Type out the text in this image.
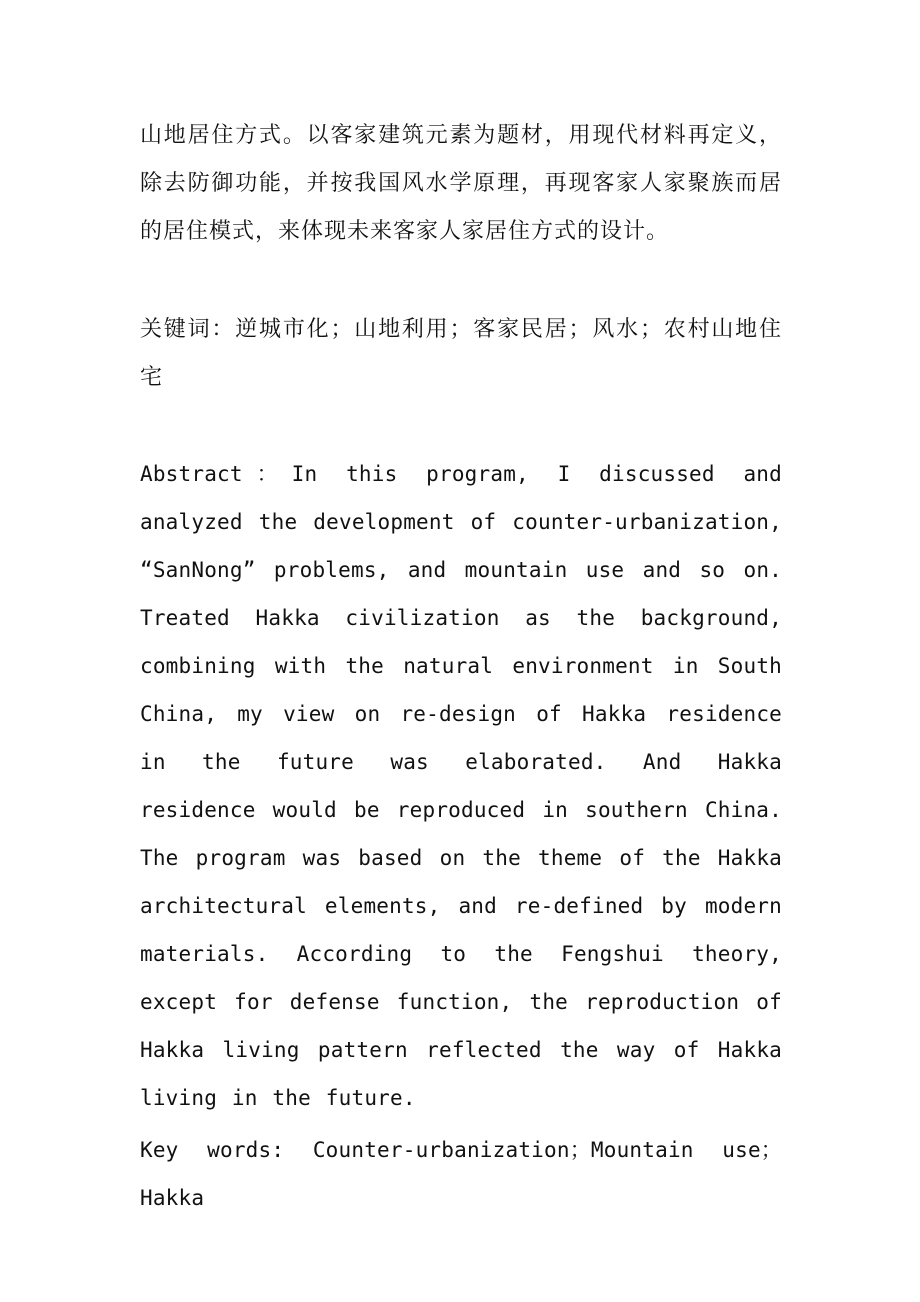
山地居住方式。以客家建筑元素为题材，用现代材料再定义，除去防御功能，并按我国风水学原理，再现客家人家聚族而居的居住模式，来体现未来客家人家居住方式的设计。

关键词：逆城市化；山地利用；客家民居；风水；农村山地住宅

Abstract：In this program, I discussed and analyzed the development of counter-urbanization, “SanNong” problems, and mountain use and so on. Treated Hakka civilization as the background, combining with the natural environment in South China, my view on re-design of Hakka residence in the future was elaborated. And Hakka residence would be reproduced in southern China. The program was based on the theme of the Hakka architectural elements, and re-defined by modern materials. According to the Fengshui theory, except for defense function, the reproduction of Hakka living pattern reflected the way of Hakka living in the future.

Key words: Counter-urbanization；Mountain use；Hakka
